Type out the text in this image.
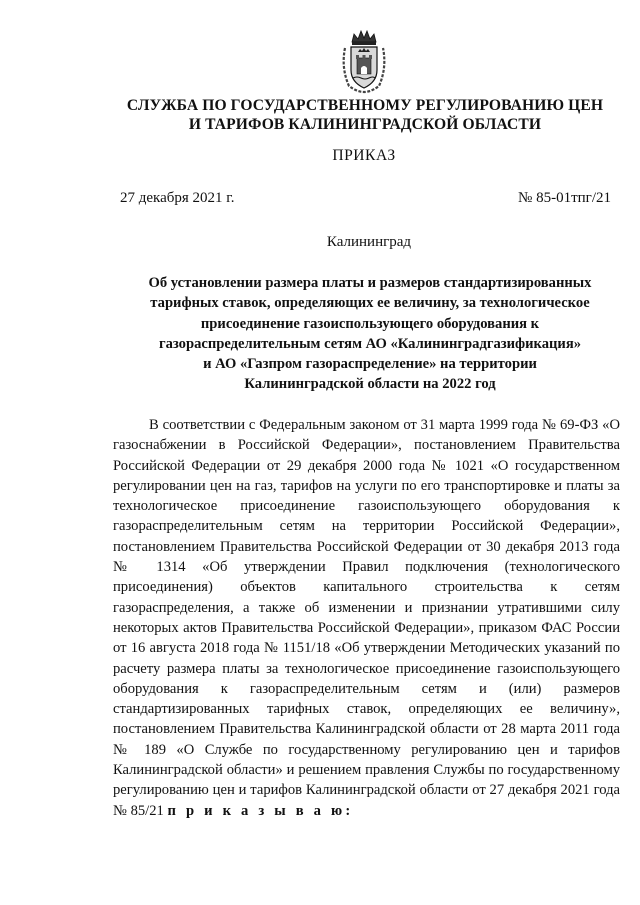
СЛУЖБА ПО ГОСУДАРСТВЕННОМУ РЕГУЛИРОВАНИЮ ЦЕН
И ТАРИФОВ КАЛИНИНГРАДСКОЙ ОБЛАСТИ
ПРИКАЗ
27 декабря 2021 г.	№ 85-01тпг/21
Калининград
Об установлении размера платы и размеров стандартизированных
тарифных ставок, определяющих ее величину, за технологическое
присоединение газоиспользующего оборудования к
газораспределительным сетям АО «Калининградгазификация»
и АО «Газпром газораспределение» на территории
Калининградской области на 2022 год
В соответствии с Федеральным законом от 31 марта 1999 года № 69-ФЗ «О газоснабжении в Российской Федерации», постановлением Правительства Российской Федерации от 29 декабря 2000 года № 1021 «О государственном регулировании цен на газ, тарифов на услуги по его транспортировке и платы за технологическое присоединение газоиспользующего оборудования к газораспределительным сетям на территории Российской Федерации», постановлением Правительства Российской Федерации от 30 декабря 2013 года № 1314 «Об утверждении Правил подключения (технологического присоединения) объектов капитального строительства к сетям газораспределения, а также об изменении и признании утратившими силу некоторых актов Правительства Российской Федерации», приказом ФАС России от 16 августа 2018 года № 1151/18 «Об утверждении Методических указаний по расчету размера платы за технологическое присоединение газоиспользующего оборудования к газораспределительным сетям и (или) размеров стандартизированных тарифных ставок, определяющих ее величину», постановлением Правительства Калининградской области от 28 марта 2011 года № 189 «О Службе по государственному регулированию цен и тарифов Калининградской области» и решением правления Службы по государственному регулированию цен и тарифов Калининградской области от 27 декабря 2021 года № 85/21 п р и к а з ы в а ю:
